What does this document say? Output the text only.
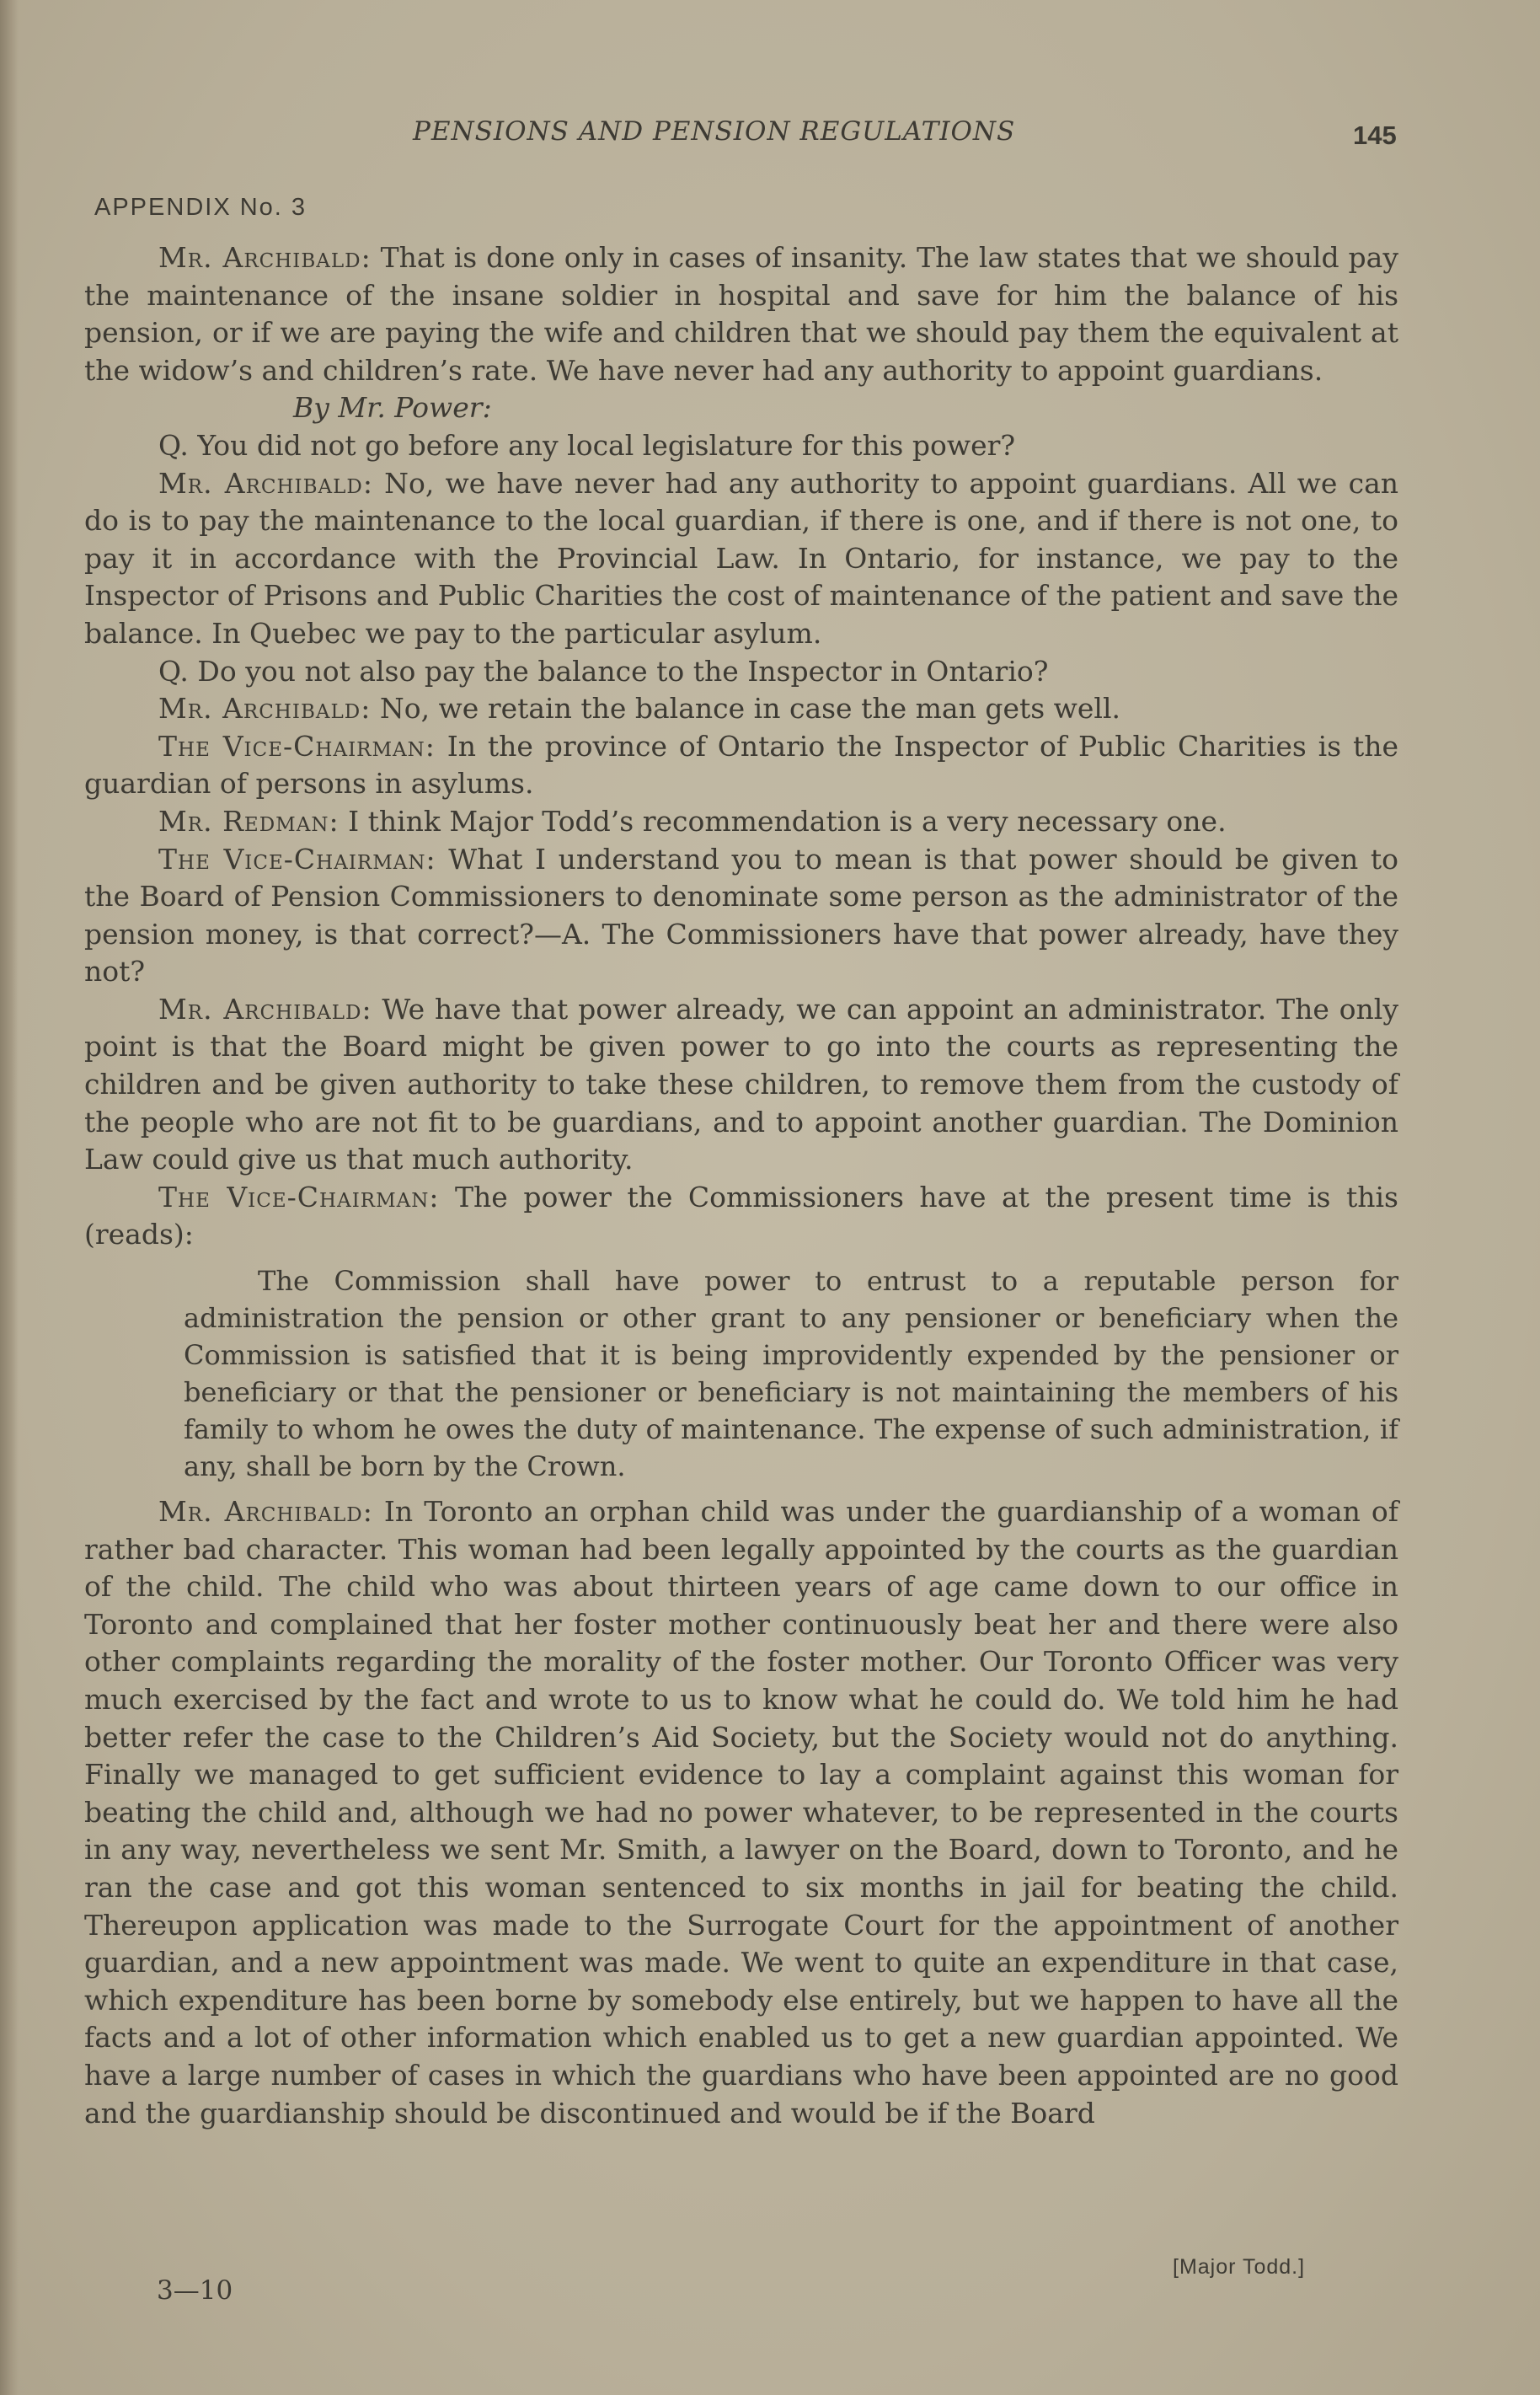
PENSIONS AND PENSION REGULATIONS	145
APPENDIX No. 3

Mr. Archibald: That is done only in cases of insanity. The law states that we should pay the maintenance of the insane soldier in hospital and save for him the balance of his pension, or if we are paying the wife and children that we should pay them the equivalent at the widow’s and children’s rate. We have never had any authority to appoint guardians.

By Mr. Power:

Q. You did not go before any local legislature for this power?

Mr. Archibald: No, we have never had any authority to appoint guardians. All we can do is to pay the maintenance to the local guardian, if there is one, and if there is not one, to pay it in accordance with the Provincial Law. In Ontario, for instance, we pay to the Inspector of Prisons and Public Charities the cost of maintenance of the patient and save the balance. In Quebec we pay to the particular asylum.

Q. Do you not also pay the balance to the Inspector in Ontario?

Mr. Archibald: No, we retain the balance in case the man gets well.

The Vice-Chairman: In the province of Ontario the Inspector of Public Charities is the guardian of persons in asylums.

Mr. Redman: I think Major Todd’s recommendation is a very necessary one.

The Vice-Chairman: What I understand you to mean is that power should be given to the Board of Pension Commissioners to denominate some person as the administrator of the pension money, is that correct?—A. The Commissioners have that power already, have they not?

Mr. Archibald: We have that power already, we can appoint an administrator. The only point is that the Board might be given power to go into the courts as representing the children and be given authority to take these children, to remove them from the custody of the people who are not fit to be guardians, and to appoint another guardian. The Dominion Law could give us that much authority.

The Vice-Chairman: The power the Commissioners have at the present time is this (reads):

The Commission shall have power to entrust to a reputable person for administration the pension or other grant to any pensioner or beneficiary when the Commission is satisfied that it is being improvidently expended by the pensioner or beneficiary or that the pensioner or beneficiary is not maintaining the members of his family to whom he owes the duty of maintenance. The expense of such administration, if any, shall be born by the Crown.

Mr. Archibald: In Toronto an orphan child was under the guardianship of a woman of rather bad character. This woman had been legally appointed by the courts as the guardian of the child. The child who was about thirteen years of age came down to our office in Toronto and complained that her foster mother continuously beat her and there were also other complaints regarding the morality of the foster mother. Our Toronto Officer was very much exercised by the fact and wrote to us to know what he could do. We told him he had better refer the case to the Children’s Aid Society, but the Society would not do anything. Finally we managed to get sufficient evidence to lay a complaint against this woman for beating the child and, although we had no power whatever, to be represented in the courts in any way, nevertheless we sent Mr. Smith, a lawyer on the Board, down to Toronto, and he ran the case and got this woman sentenced to six months in jail for beating the child. Thereupon application was made to the Surrogate Court for the appointment of another guardian, and a new appointment was made. We went to quite an expenditure in that case, which expenditure has been borne by somebody else entirely, but we happen to have all the facts and a lot of other information which enabled us to get a new guardian appointed. We have a large number of cases in which the guardians who have been appointed are no good and the guardianship should be discontinued and would be if the Board

3—10
[Major Todd.]
